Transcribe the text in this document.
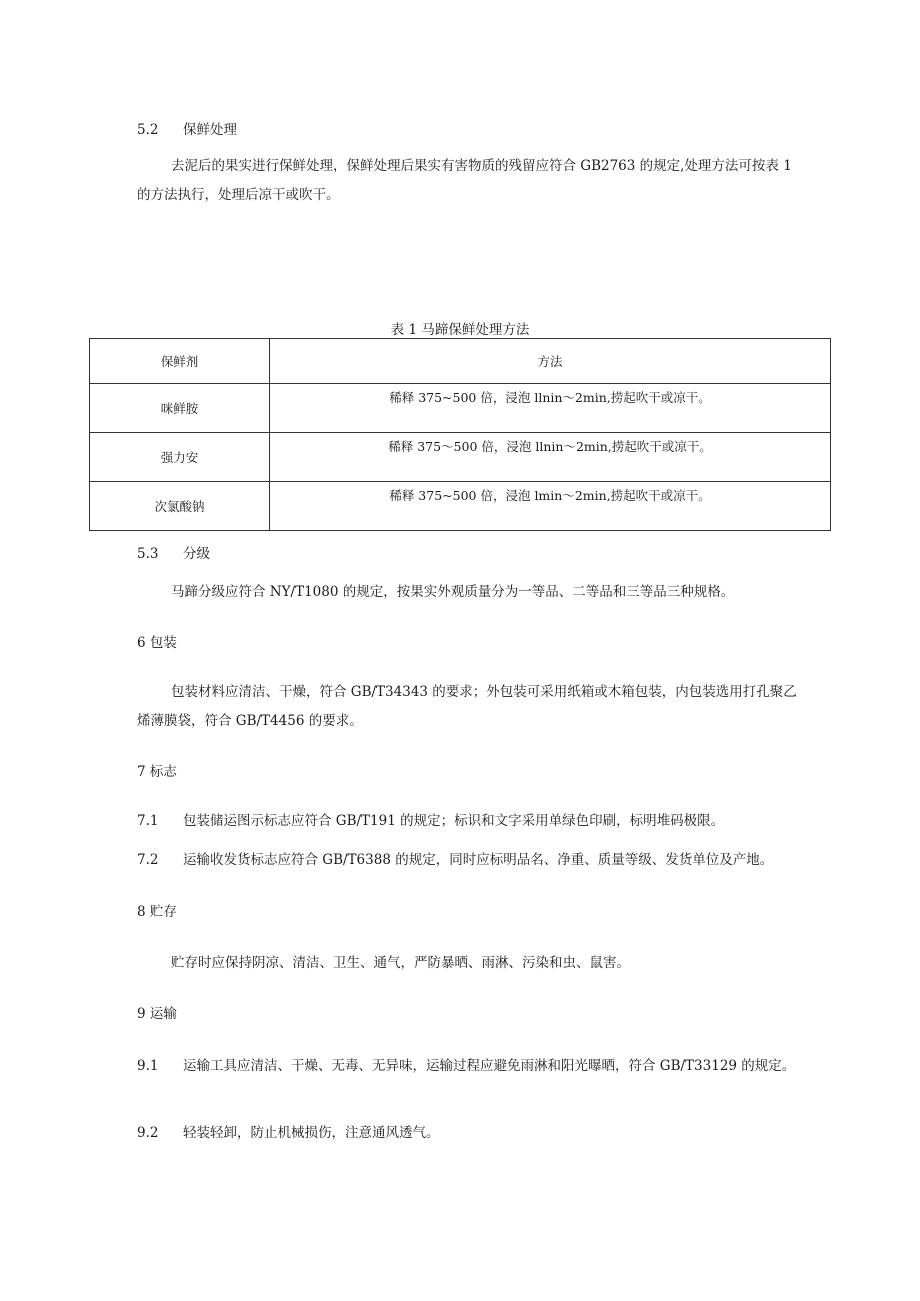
5.2 保鲜处理
去泥后的果实进行保鲜处理，保鲜处理后果实有害物质的残留应符合 GB2763 的规定,处理方法可按表 1 的方法执行，处理后凉干或吹干。
表 1 马蹄保鲜处理方法
保鲜剂	方法
咪鲜胺	稀释 375~500 倍，浸泡 llnin～2min,捞起吹干或凉干。
强力安	稀释 375～500 倍，浸泡 llnin～2min,捞起吹干或凉干。
次氯酸钠	稀释 375~500 倍，浸泡 lmin～2min,捞起吹干或凉干。
5.3 分级
马蹄分级应符合 NY/T1080 的规定，按果实外观质量分为一等品、二等品和三等品三种规格。
6 包装
包装材料应清洁、干燥，符合 GB/T34343 的要求；外包装可采用纸箱或木箱包装，内包装选用打孔聚乙烯薄膜袋，符合 GB/T4456 的要求。
7 标志
7.1 包装储运图示标志应符合 GB/T191 的规定；标识和文字采用单绿色印刷，标明堆码极限。
7.2 运输收发货标志应符合 GB/T6388 的规定，同时应标明品名、净重、质量等级、发货单位及产地。
8 贮存
贮存时应保持阴凉、清洁、卫生、通气，严防暴晒、雨淋、污染和虫、鼠害。
9 运输
9.1 运输工具应清洁、干燥、无毒、无异味，运输过程应避免雨淋和阳光曝晒，符合 GB/T33129 的规定。
9.2 轻装轻卸，防止机械损伤，注意通风透气。
